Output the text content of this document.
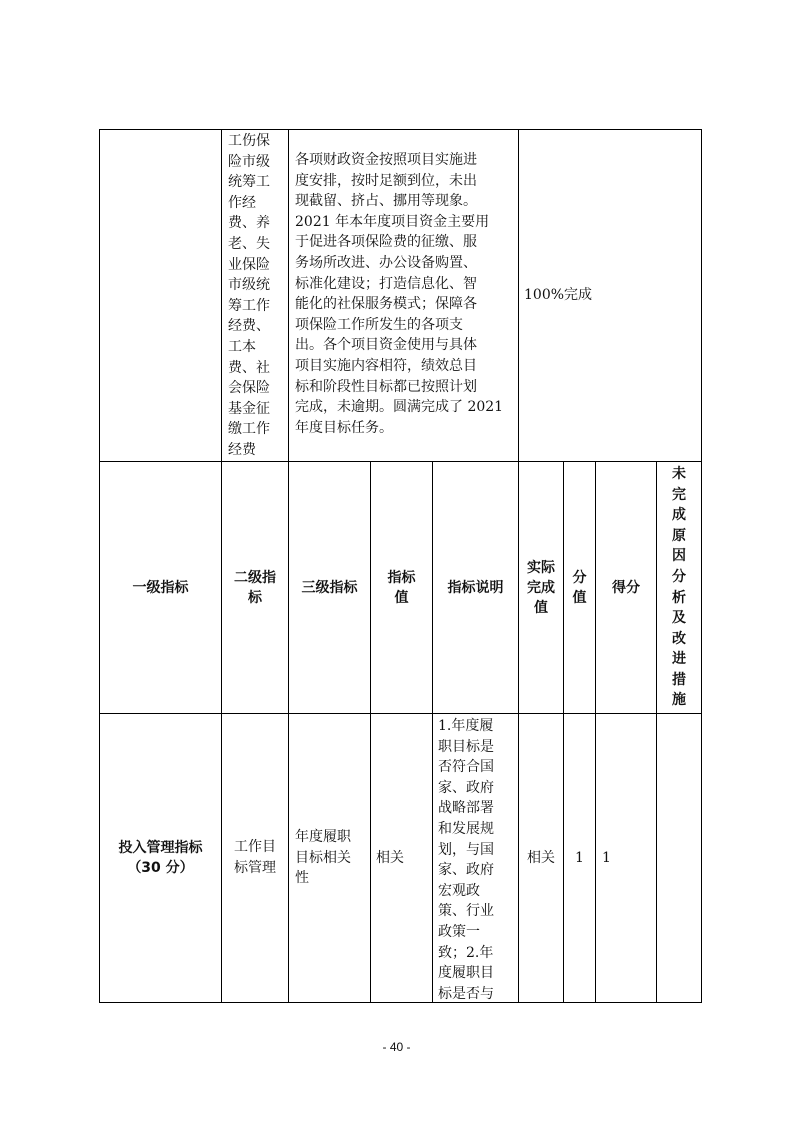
工伤保
险市级
统筹工
作经
费、养
老、失
业保险
市级统
筹工作
经费、
工本
费、社
会保险
基金征
缴工作
经费
各项财政资金按照项目实施进
度安排，按时足额到位，未出
现截留、挤占、挪用等现象。
2021 年本年度项目资金主要用
于促进各项保险费的征缴、服
务场所改进、办公设备购置、
标准化建设；打造信息化、智
能化的社保服务模式；保障各
项保险工作所发生的各项支
出。各个项目资金使用与具体
项目实施内容相符，绩效总目
标和阶段性目标都已按照计划
完成，未逾期。圆满完成了 2021
年度目标任务。
100%完成
一级指标
二级指
标
三级指标
指标
值
指标说明
实际
完成
值
分
值
得分
未
完
成
原
因
分
析
及
改
进
措
施
投入管理指标
（30 分）
工作目
标管理
年度履职
目标相关
性
相关
1.年度履
职目标是
否符合国
家、政府
战略部署
和发展规
划，与国
家、政府
宏观政
策、行业
政策一
致；2.年
度履职目
标是否与
相关 1 1
- 40 -
